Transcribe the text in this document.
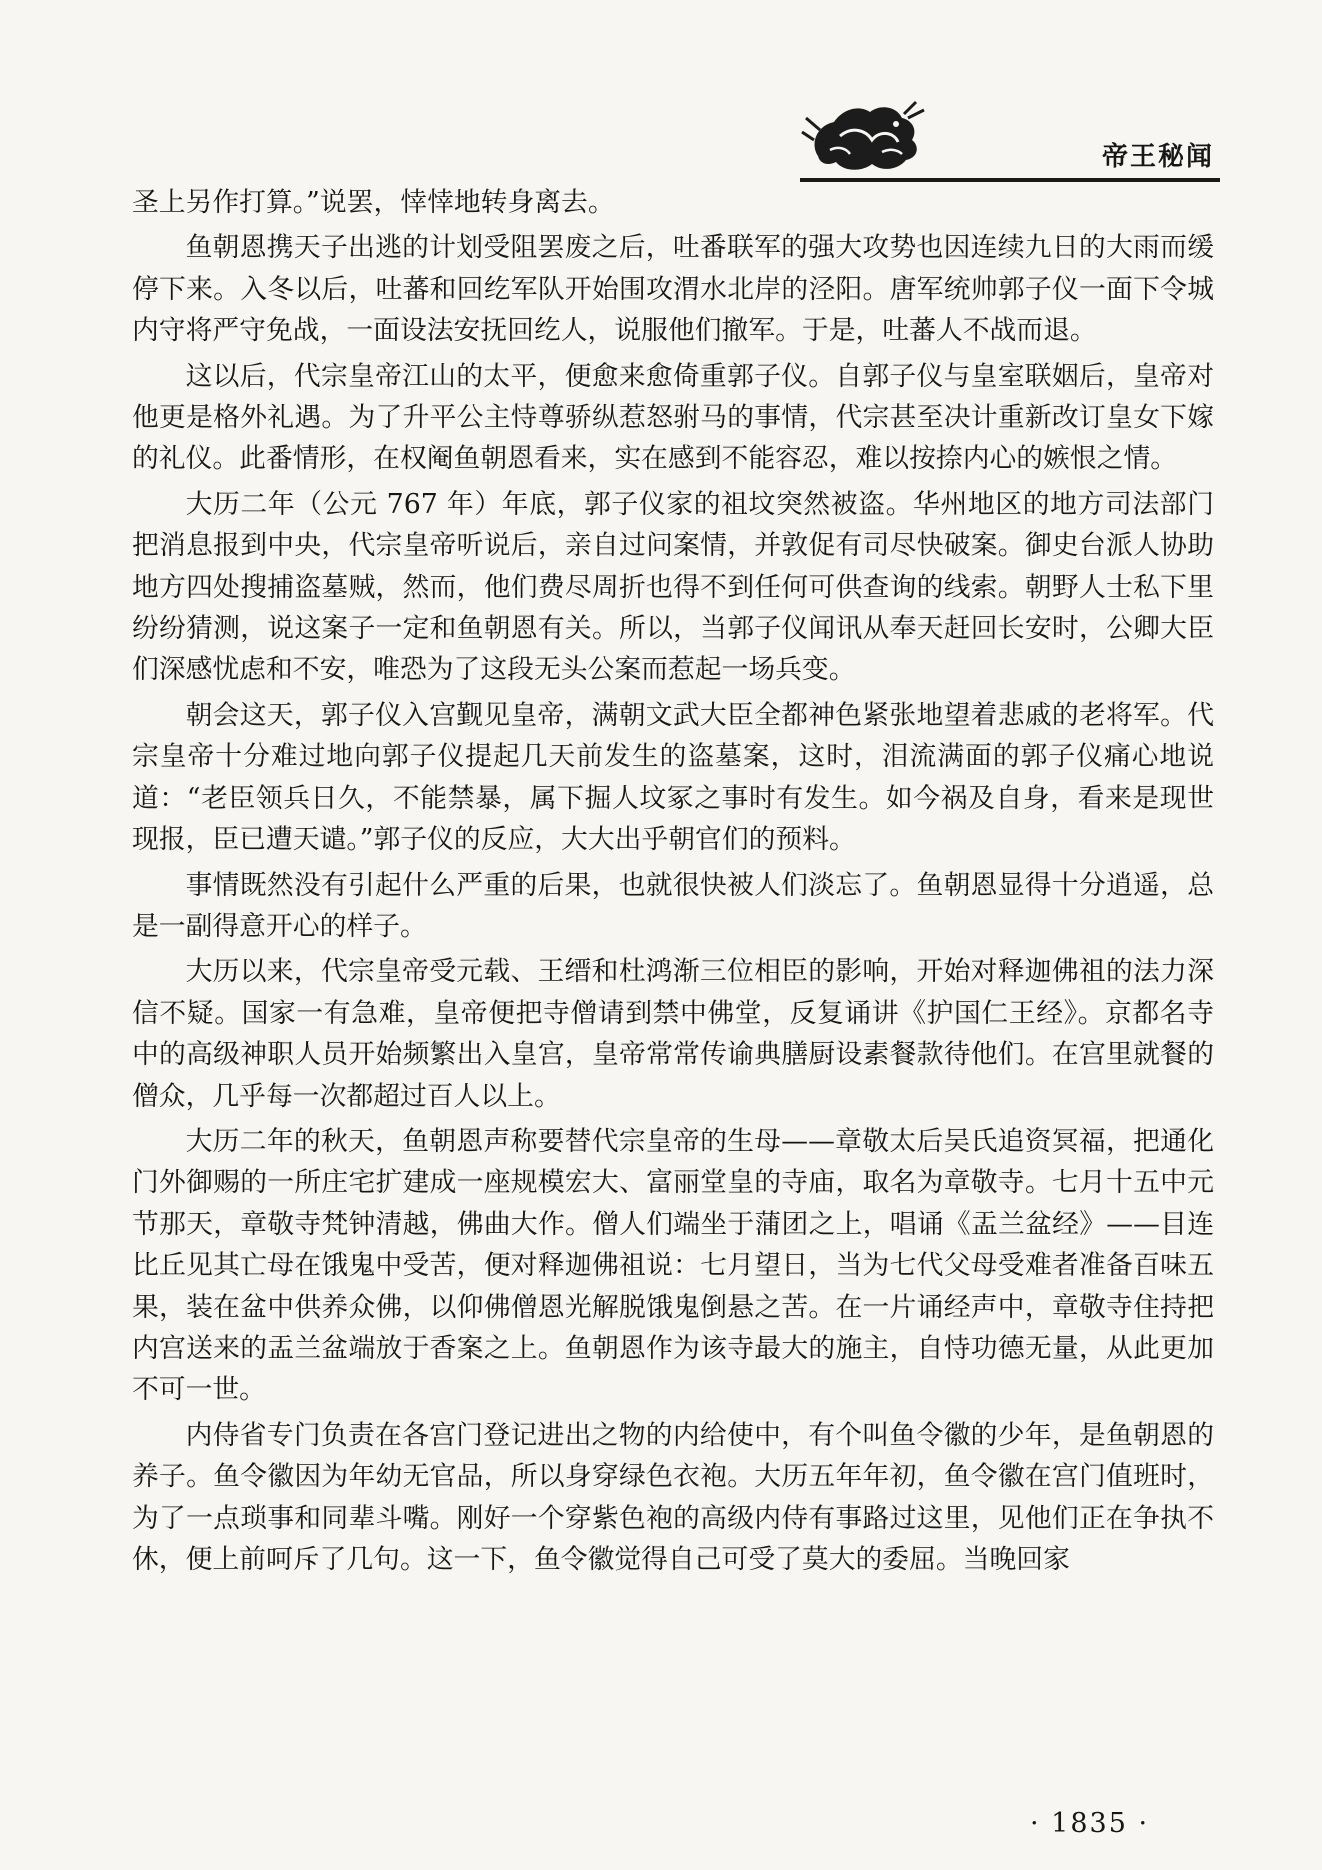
帝王秘闻

圣上另作打算。”说罢，悻悻地转身离去。

鱼朝恩携天子出逃的计划受阻罢废之后，吐番联军的强大攻势也因连续九日的大雨而缓停下来。入冬以后，吐蕃和回纥军队开始围攻渭水北岸的泾阳。唐军统帅郭子仪一面下令城内守将严守免战，一面设法安抚回纥人，说服他们撤军。于是，吐蕃人不战而退。

这以后，代宗皇帝江山的太平，便愈来愈倚重郭子仪。自郭子仪与皇室联姻后，皇帝对他更是格外礼遇。为了升平公主恃尊骄纵惹怒驸马的事情，代宗甚至决计重新改订皇女下嫁的礼仪。此番情形，在权阉鱼朝恩看来，实在感到不能容忍，难以按捺内心的嫉恨之情。

大历二年（公元 767 年）年底，郭子仪家的祖坟突然被盗。华州地区的地方司法部门把消息报到中央，代宗皇帝听说后，亲自过问案情，并敦促有司尽快破案。御史台派人协助地方四处搜捕盗墓贼，然而，他们费尽周折也得不到任何可供查询的线索。朝野人士私下里纷纷猜测，说这案子一定和鱼朝恩有关。所以，当郭子仪闻讯从奉天赶回长安时，公卿大臣们深感忧虑和不安，唯恐为了这段无头公案而惹起一场兵变。

朝会这天，郭子仪入宫觐见皇帝，满朝文武大臣全都神色紧张地望着悲戚的老将军。代宗皇帝十分难过地向郭子仪提起几天前发生的盗墓案，这时，泪流满面的郭子仪痛心地说道：“老臣领兵日久，不能禁暴，属下掘人坟冢之事时有发生。如今祸及自身，看来是现世现报，臣已遭天谴。”郭子仪的反应，大大出乎朝官们的预料。

事情既然没有引起什么严重的后果，也就很快被人们淡忘了。鱼朝恩显得十分逍遥，总是一副得意开心的样子。

大历以来，代宗皇帝受元载、王缙和杜鸿渐三位相臣的影响，开始对释迦佛祖的法力深信不疑。国家一有急难，皇帝便把寺僧请到禁中佛堂，反复诵讲《护国仁王经》。京都名寺中的高级神职人员开始频繁出入皇宫，皇帝常常传谕典膳厨设素餐款待他们。在宫里就餐的僧众，几乎每一次都超过百人以上。

大历二年的秋天，鱼朝恩声称要替代宗皇帝的生母——章敬太后吴氏追资冥福，把通化门外御赐的一所庄宅扩建成一座规模宏大、富丽堂皇的寺庙，取名为章敬寺。七月十五中元节那天，章敬寺梵钟清越，佛曲大作。僧人们端坐于蒲团之上，唱诵《盂兰盆经》——目连比丘见其亡母在饿鬼中受苦，便对释迦佛祖说：七月望日，当为七代父母受难者准备百味五果，装在盆中供养众佛，以仰佛僧恩光解脱饿鬼倒悬之苦。在一片诵经声中，章敬寺住持把内宫送来的盂兰盆端放于香案之上。鱼朝恩作为该寺最大的施主，自恃功德无量，从此更加不可一世。

内侍省专门负责在各宫门登记进出之物的内给使中，有个叫鱼令徽的少年，是鱼朝恩的养子。鱼令徽因为年幼无官品，所以身穿绿色衣袍。大历五年年初，鱼令徽在宫门值班时，为了一点琐事和同辈斗嘴。刚好一个穿紫色袍的高级内侍有事路过这里，见他们正在争执不休，便上前呵斥了几句。这一下，鱼令徽觉得自己可受了莫大的委屈。当晚回家

· 1835 ·
